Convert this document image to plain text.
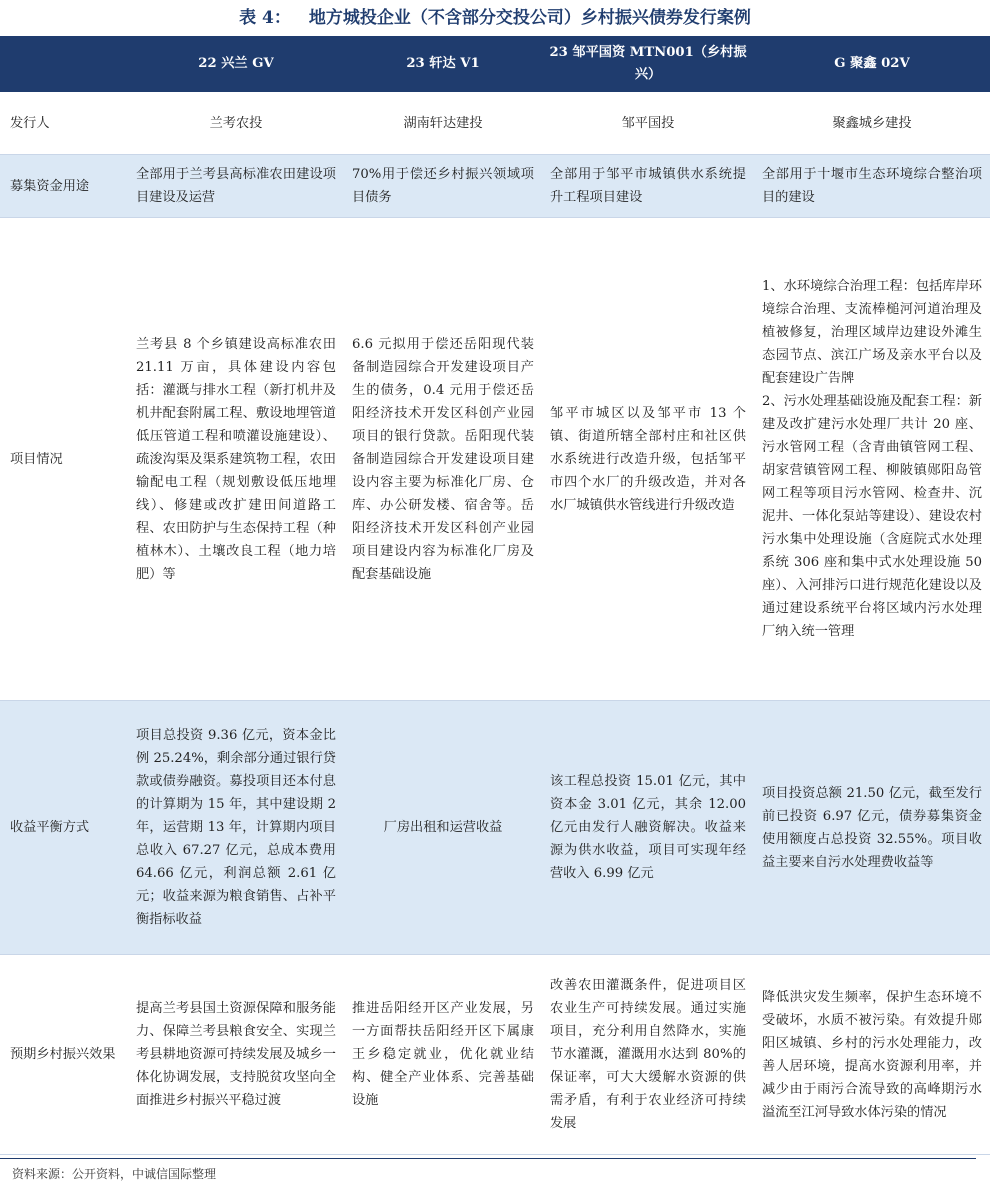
表 4： 地方城投企业（不含部分交投公司）乡村振兴债券发行案例
	22 兴兰 GV	23 轩达 V1	23 邹平国资 MTN001（乡村振兴）	G 聚鑫 02V
发行人	兰考农投	湖南轩达建投	邹平国投	聚鑫城乡建投
募集资金用途	全部用于兰考县高标准农田建设项目建设及运营	70%用于偿还乡村振兴领域项目债务	全部用于邹平市城镇供水系统提升工程项目建设	全部用于十堰市生态环境综合整治项目的建设
项目情况	兰考县 8 个乡镇建设高标准农田 21.11 万亩，具体建设内容包括：灌溉与排水工程（新打机井及机井配套附属工程、敷设地埋管道低压管道工程和喷灌设施建设）、疏浚沟渠及渠系建筑物工程，农田输配电工程（规划敷设低压地埋线）、修建或改扩建田间道路工程、农田防护与生态保持工程（种植林木）、土壤改良工程（地力培肥）等	6.6 元拟用于偿还岳阳现代装备制造园综合开发建设项目产生的债务，0.4 元用于偿还岳阳经济技术开发区科创产业园项目的银行贷款。岳阳现代装备制造园综合开发建设项目建设内容主要为标准化厂房、仓库、办公研发楼、宿舍等。岳阳经济技术开发区科创产业园项目建设内容为标准化厂房及配套基础设施	邹平市城区以及邹平市 13 个镇、街道所辖全部村庄和社区供水系统进行改造升级，包括邹平市四个水厂的升级改造，并对各水厂城镇供水管线进行升级改造	1、水环境综合治理工程：包括库岸环境综合治理、支流棒槌河河道治理及植被修复，治理区域岸边建设外滩生态园节点、滨江广场及亲水平台以及配套建设广告牌
2、污水处理基础设施及配套工程：新建及改扩建污水处理厂共计 20 座、污水管网工程（含青曲镇管网工程、胡家营镇管网工程、柳陂镇郧阳岛管网工程等项目污水管网、检查井、沉泥井、一体化泵站等建设）、建设农村污水集中处理设施（含庭院式水处理系统 306 座和集中式水处理设施 50 座）、入河排污口进行规范化建设以及通过建设系统平台将区域内污水处理厂纳入统一管理
收益平衡方式	项目总投资 9.36 亿元，资本金比例 25.24%，剩余部分通过银行贷款或债券融资。募投项目还本付息的计算期为 15 年，其中建设期 2 年，运营期 13 年，计算期内项目总收入 67.27 亿元，总成本费用 64.66 亿元，利润总额 2.61 亿元；收益来源为粮食销售、占补平衡指标收益	厂房出租和运营收益	该工程总投资 15.01 亿元，其中资本金 3.01 亿元，其余 12.00 亿元由发行人融资解决。收益来源为供水收益，项目可实现年经营收入 6.99 亿元	项目投资总额 21.50 亿元，截至发行前已投资 6.97 亿元，债券募集资金使用额度占总投资 32.55%。项目收益主要来自污水处理费收益等
预期乡村振兴效果	提高兰考县国土资源保障和服务能力、保障兰考县粮食安全、实现兰考县耕地资源可持续发展及城乡一体化协调发展，支持脱贫攻坚向全面推进乡村振兴平稳过渡	推进岳阳经开区产业发展，另一方面帮扶岳阳经开区下属康王乡稳定就业，优化就业结构、健全产业体系、完善基础设施	改善农田灌溉条件，促进项目区农业生产可持续发展。通过实施项目，充分利用自然降水，实施节水灌溉，灌溉用水达到 80%的保证率，可大大缓解水资源的供需矛盾，有利于农业经济可持续发展	降低洪灾发生频率，保护生态环境不受破坏，水质不被污染。有效提升郧阳区城镇、乡村的污水处理能力，改善人居环境，提高水资源利用率，并减少由于雨污合流导致的高峰期污水溢流至江河导致水体污染的情况
资料来源：公开资料，中诚信国际整理
